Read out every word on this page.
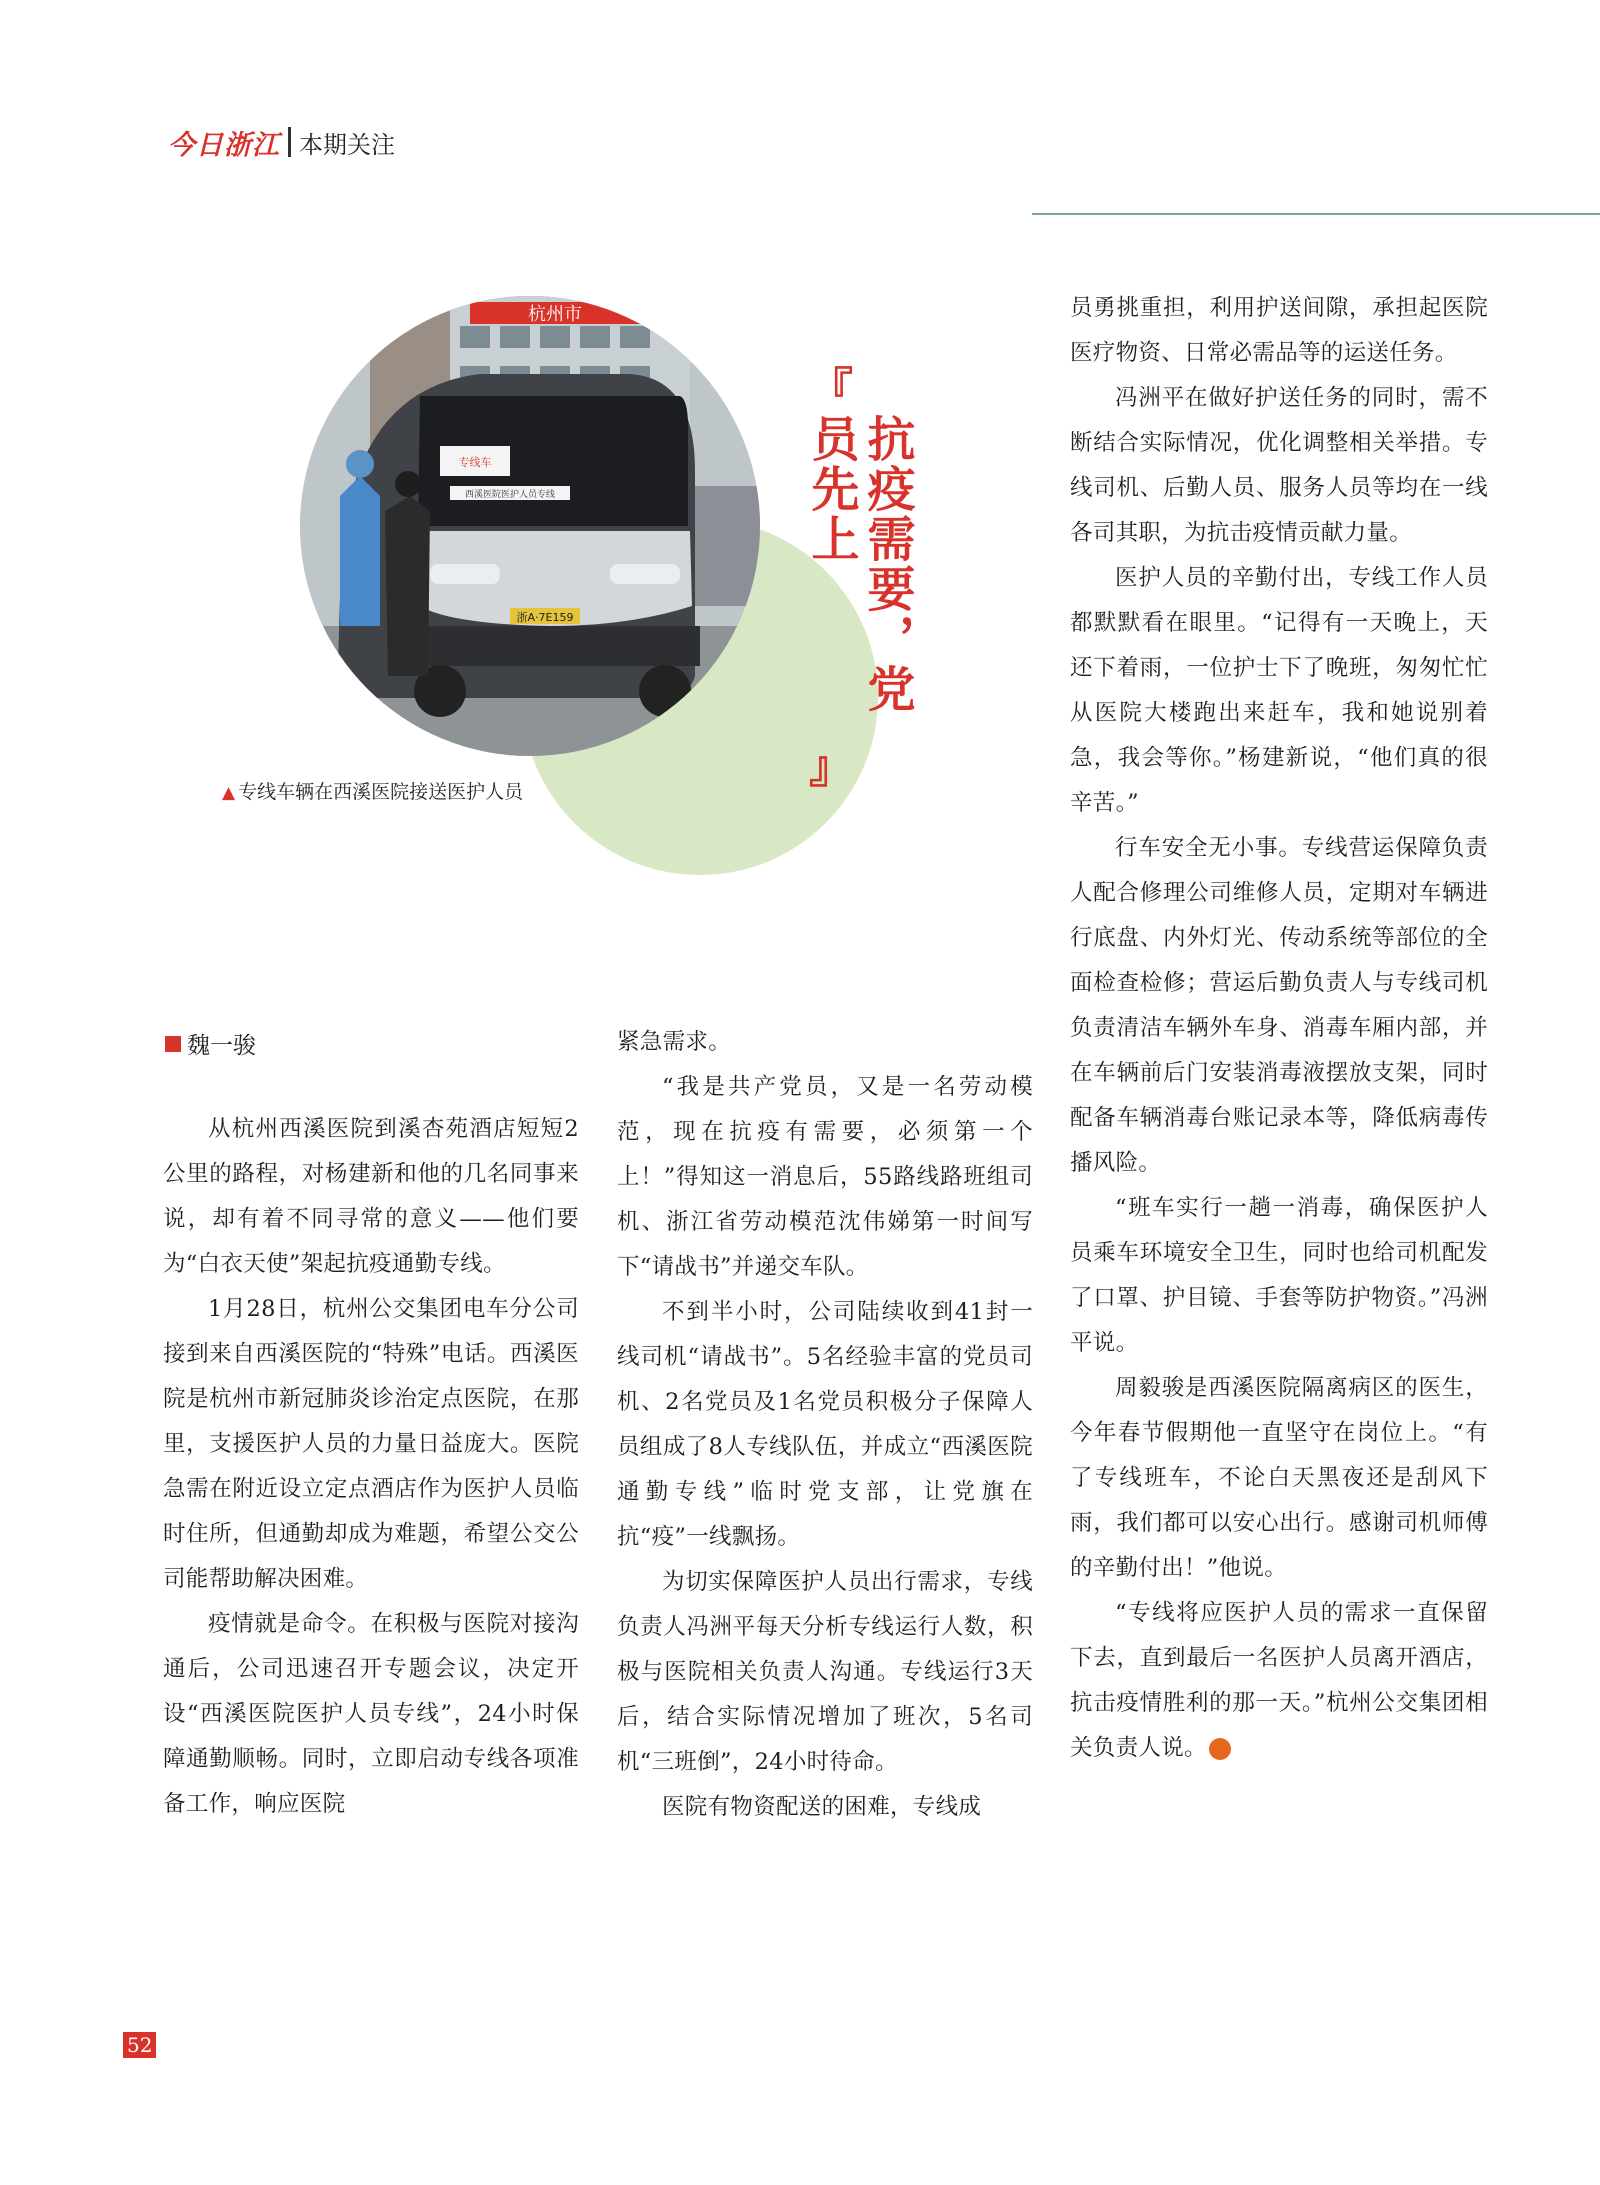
今日浙江 本期关注
杭州市
专线车
西溪医院医护人员专线
浙A·7E159
▲ 专线车辆在西溪医院接送医护人员
『
抗疫需要，党员先上
』
魏一骏

从杭州西溪医院到溪杏苑酒店短短2公里的路程，对杨建新和他的几名同事来说，却有着不同寻常的意义——他们要为“白衣天使”架起抗疫通勤专线。

1月28日，杭州公交集团电车分公司接到来自西溪医院的“特殊”电话。西溪医院是杭州市新冠肺炎诊治定点医院，在那里，支援医护人员的力量日益庞大。医院急需在附近设立定点酒店作为医护人员临时住所，但通勤却成为难题，希望公交公司能帮助解决困难。

疫情就是命令。在积极与医院对接沟通后，公司迅速召开专题会议，决定开设“西溪医院医护人员专线”，24小时保障通勤顺畅。同时，立即启动专线各项准备工作，响应医院

紧急需求。

“我是共产党员，又是一名劳动模范，现在抗疫有需要，必须第一个上！”得知这一消息后，55路线路班组司机、浙江省劳动模范沈伟娣第一时间写下“请战书”并递交车队。

不到半小时，公司陆续收到41封一线司机“请战书”。5名经验丰富的党员司机、2名党员及1名党员积极分子保障人员组成了8人专线队伍，并成立“西溪医院通勤专线”临时党支部，让党旗在抗“疫”一线飘扬。

为切实保障医护人员出行需求，专线负责人冯洲平每天分析专线运行人数，积极与医院相关负责人沟通。专线运行3天后，结合实际情况增加了班次，5名司机“三班倒”，24小时待命。

医院有物资配送的困难，专线成

员勇挑重担，利用护送间隙，承担起医院医疗物资、日常必需品等的运送任务。

冯洲平在做好护送任务的同时，需不断结合实际情况，优化调整相关举措。专线司机、后勤人员、服务人员等均在一线各司其职，为抗击疫情贡献力量。

医护人员的辛勤付出，专线工作人员都默默看在眼里。“记得有一天晚上，天还下着雨，一位护士下了晚班，匆匆忙忙从医院大楼跑出来赶车，我和她说别着急，我会等你。”杨建新说，“他们真的很辛苦。”

行车安全无小事。专线营运保障负责人配合修理公司维修人员，定期对车辆进行底盘、内外灯光、传动系统等部位的全面检查检修；营运后勤负责人与专线司机负责清洁车辆外车身、消毒车厢内部，并在车辆前后门安装消毒液摆放支架，同时配备车辆消毒台账记录本等，降低病毒传播风险。

“班车实行一趟一消毒，确保医护人员乘车环境安全卫生，同时也给司机配发了口罩、护目镜、手套等防护物资。”冯洲平说。

周毅骏是西溪医院隔离病区的医生，今年春节假期他一直坚守在岗位上。“有了专线班车，不论白天黑夜还是刮风下雨，我们都可以安心出行。感谢司机师傅的辛勤付出！”他说。

“专线将应医护人员的需求一直保留下去，直到最后一名医护人员离开酒店，抗击疫情胜利的那一天。”杭州公交集团相关负责人说。

52
